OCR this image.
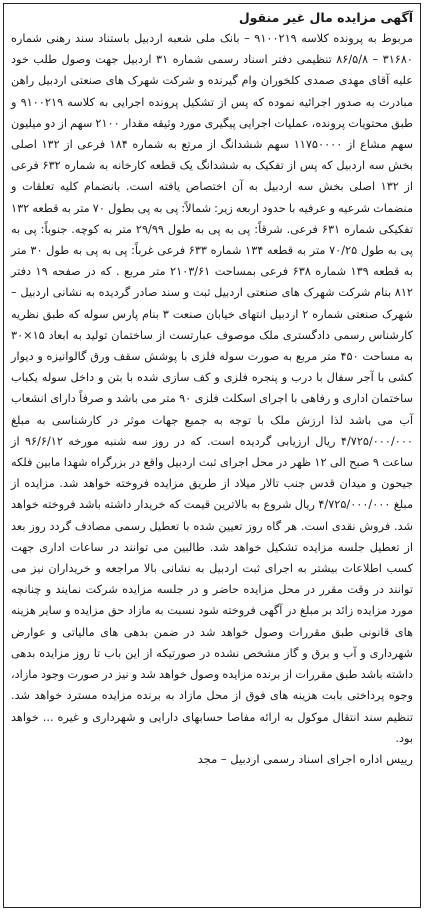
آگهی مزایده مال غیر منقول

مربوط به پرونده کلاسه ۹۱۰۰۲۱۹ – بانک ملی شعبه اردبیل باستناد سند رهنی شماره ۳۱۶۸۰ – ۸۶/۵/۸ تنظیمی دفتر اسناد رسمی شماره ۳۱ اردبیل جهت وصول طلب خود علیه آقای مهدی صمدی کلخوران وام گیرنده و شرکت شهرک های صنعتی اردبیل راهن مبادرت به صدور اجرائیه نموده که پس از تشکیل پرونده اجرایی به کلاسه ۹۱۰۰۲۱۹ و طبق محتویات پرونده، عملیات اجرایی پیگیری مورد وثیقه مقدار ۲۱۰۰ سهم از دو میلیون سهم مشاع از ۱۱۷۵۰۰۰۰ سهم ششدانگ از مرتع به شماره ۱۸۴ فرعی از ۱۳۲ اصلی بخش سه اردبیل که پس از تفکیک به ششدانگ یک قطعه کارخانه به شماره ۶۳۲ فرعی از ۱۳۲ اصلی بخش سه اردبیل به آن اختصاص یافته است. بانضمام کلیه تعلقات و منضمات شرعیه و عرفیه با حدود اربعه زیر: شمالاً: پی به پی بطول ۷۰ متر به قطعه ۱۳۲ تفکیکی شماره ۶۳۱ فرعی. شرقاً: پی به پی به طول ۲۹/۹۹ متر به کوچه. جنوباً: پی به پی به طول ۷۰/۲۵ متر به قطعه ۱۳۴ شماره ۶۳۳ فرعی غرباً: پی به پی به طول ۳۰ متر به قطعه ۱۳۹ شماره ۶۳۸ فرعی بمساحت ۲۱۰۳/۶۱ متر مربع . که در صفحه ۱۹ دفتر ۸۱۲ بنام شرکت شهرک های صنعتی اردبیل ثبت و سند صادر گردیده به نشانی اردبیل – شهرک صنعتی شماره ۲ اردبیل انتهای خیابان صنعت ۳ بنام پارس سوله که طبق نظریه کارشناس رسمی دادگستری ملک موصوف عبارتست از ساختمان تولید به ابعاد ۱۵×۳۰ به مساحت ۴۵۰ متر مربع به صورت سوله فلزی با پوشش سقف ورق گالوانیزه و دیوار کشی با آجر سفال با درب و پنجره فلزی و کف سازی شده با بتن و داخل سوله یکباب ساختمان اداری و رفاهی با اجرای اسکلت فلزی ۹۰ متر می باشد و صرفاً دارای انشعاب آب می باشد لذا ارزش ملک با توجه به جمیع جهات موثر در کارشناسی به مبلغ ۴/۷۲۵/۰۰۰/۰۰۰ ریال ارزیابی گردیده است. که در روز سه شنبه مورخه ۹۶/۶/۱۲ از ساعت ۹ صبح الی ۱۲ ظهر در محل اجرای ثبت اردبیل واقع در بزرگراه شهدا مابین فلکه جیحون و میدان قدس جنب تالار میلاد از طریق مزایده فروخته خواهد شد. مزایده از مبلغ ۴/۷۲۵/۰۰۰/۰۰۰ ریال شروع به بالاترین قیمت که خریدار داشته باشد فروخته خواهد شد. فروش نقدی است. هر گاه روز تعیین شده با تعطیل رسمی مصادف گردد روز بعد از تعطیل جلسه مزایده تشکیل خواهد شد. طالبین می توانند در ساعات اداری جهت کسب اطلاعات بیشتر به اجرای ثبت اردبیل به نشانی بالا مراجعه و خریداران نیز می توانند در وقت مقرر در محل مزایده حاضر و در جلسه مزایده شرکت نمایند و چنانچه مورد مزایده زائد بر مبلغ در آگهی فروخته شود نسبت به مازاد حق مزایده و سایر هزینه های قانونی طبق مقررات وصول خواهد شد در ضمن بدهی های مالیاتی و عوارض شهرداری و آب و برق و گاز مشخص نشده در صورتیکه از این باب تا روز مزایده بدهی داشته باشد طبق مقررات از برنده مزایده وصول خواهد شد و نیز در صورت وجود مازاد، وجوه پرداختی بابت هزینه های فوق از محل مازاد به برنده مزایده مسترد خواهد شد. تنظیم سند انتقال موکول به ارائه مفاصا حسابهای دارایی و شهرداری و غیره ... خواهد بود.

رییس اداره اجرای اسناد رسمی اردبیل – مجد
